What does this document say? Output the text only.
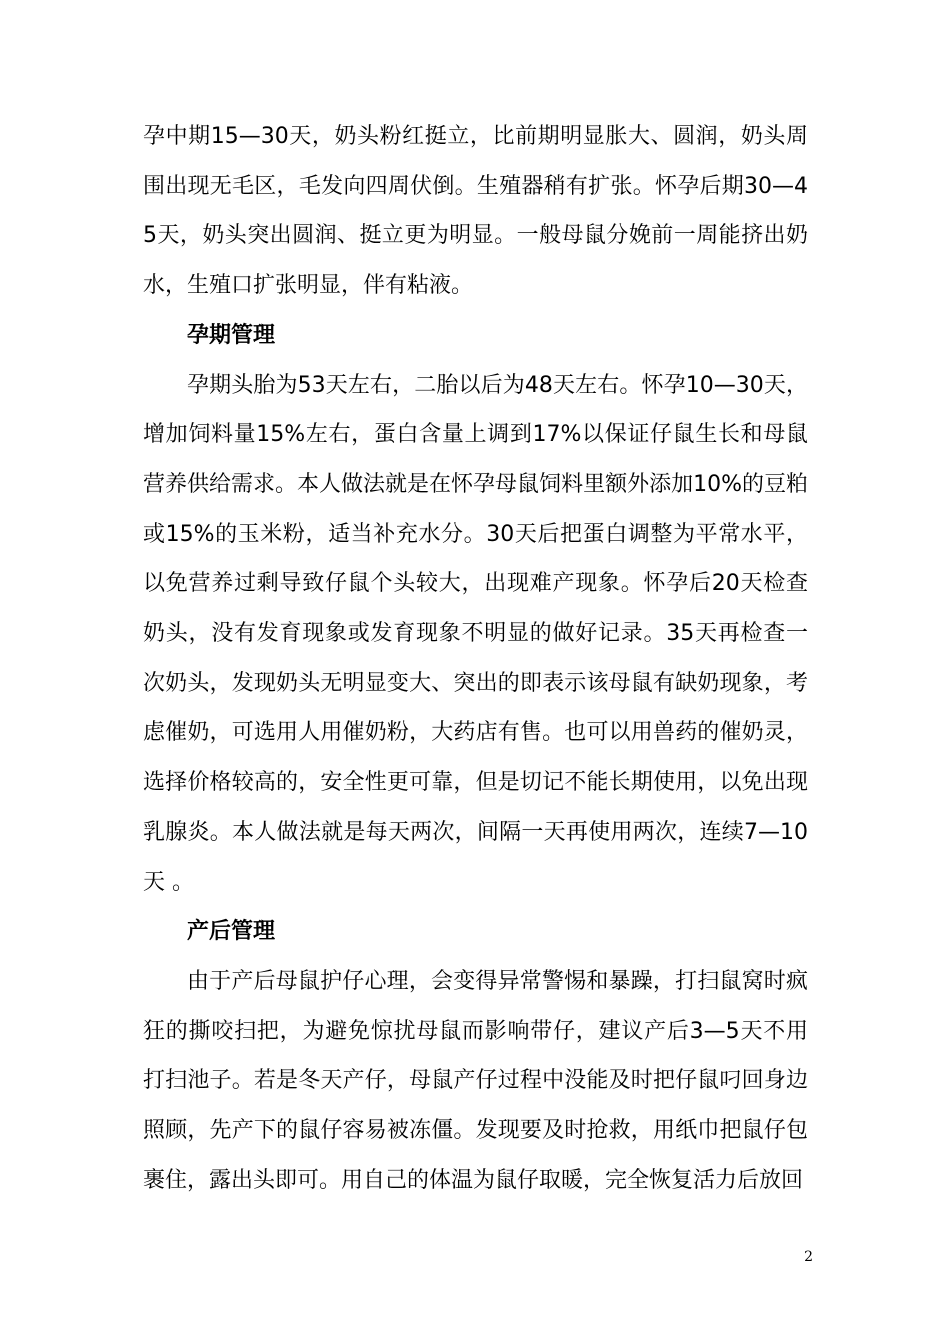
孕中期15—30天，奶头粉红挺立，比前期明显胀大、圆润，奶头周围出现无毛区，毛发向四周伏倒。生殖器稍有扩张。怀孕后期30—45天，奶头突出圆润、挺立更为明显。一般母鼠分娩前一周能挤出奶水，生殖口扩张明显，伴有粘液。

孕期管理

孕期头胎为53天左右，二胎以后为48天左右。怀孕10—30天，增加饲料量15%左右，蛋白含量上调到17%以保证仔鼠生长和母鼠营养供给需求。本人做法就是在怀孕母鼠饲料里额外添加10%的豆粕或15%的玉米粉，适当补充水分。30天后把蛋白调整为平常水平，以免营养过剩导致仔鼠个头较大，出现难产现象。怀孕后20天检查奶头，没有发育现象或发育现象不明显的做好记录。35天再检查一次奶头，发现奶头无明显变大、突出的即表示该母鼠有缺奶现象，考虑催奶，可选用人用催奶粉，大药店有售。也可以用兽药的催奶灵，选择价格较高的，安全性更可靠，但是切记不能长期使用，以免出现乳腺炎。本人做法就是每天两次，间隔一天再使用两次，连续7—10天 。

产后管理

由于产后母鼠护仔心理，会变得异常警惕和暴躁，打扫鼠窝时疯狂的撕咬扫把，为避免惊扰母鼠而影响带仔，建议产后3—5天不用打扫池子。若是冬天产仔，母鼠产仔过程中没能及时把仔鼠叼回身边照顾，先产下的鼠仔容易被冻僵。发现要及时抢救，用纸巾把鼠仔包裹住，露出头即可。用自己的体温为鼠仔取暖，完全恢复活力后放回

2
